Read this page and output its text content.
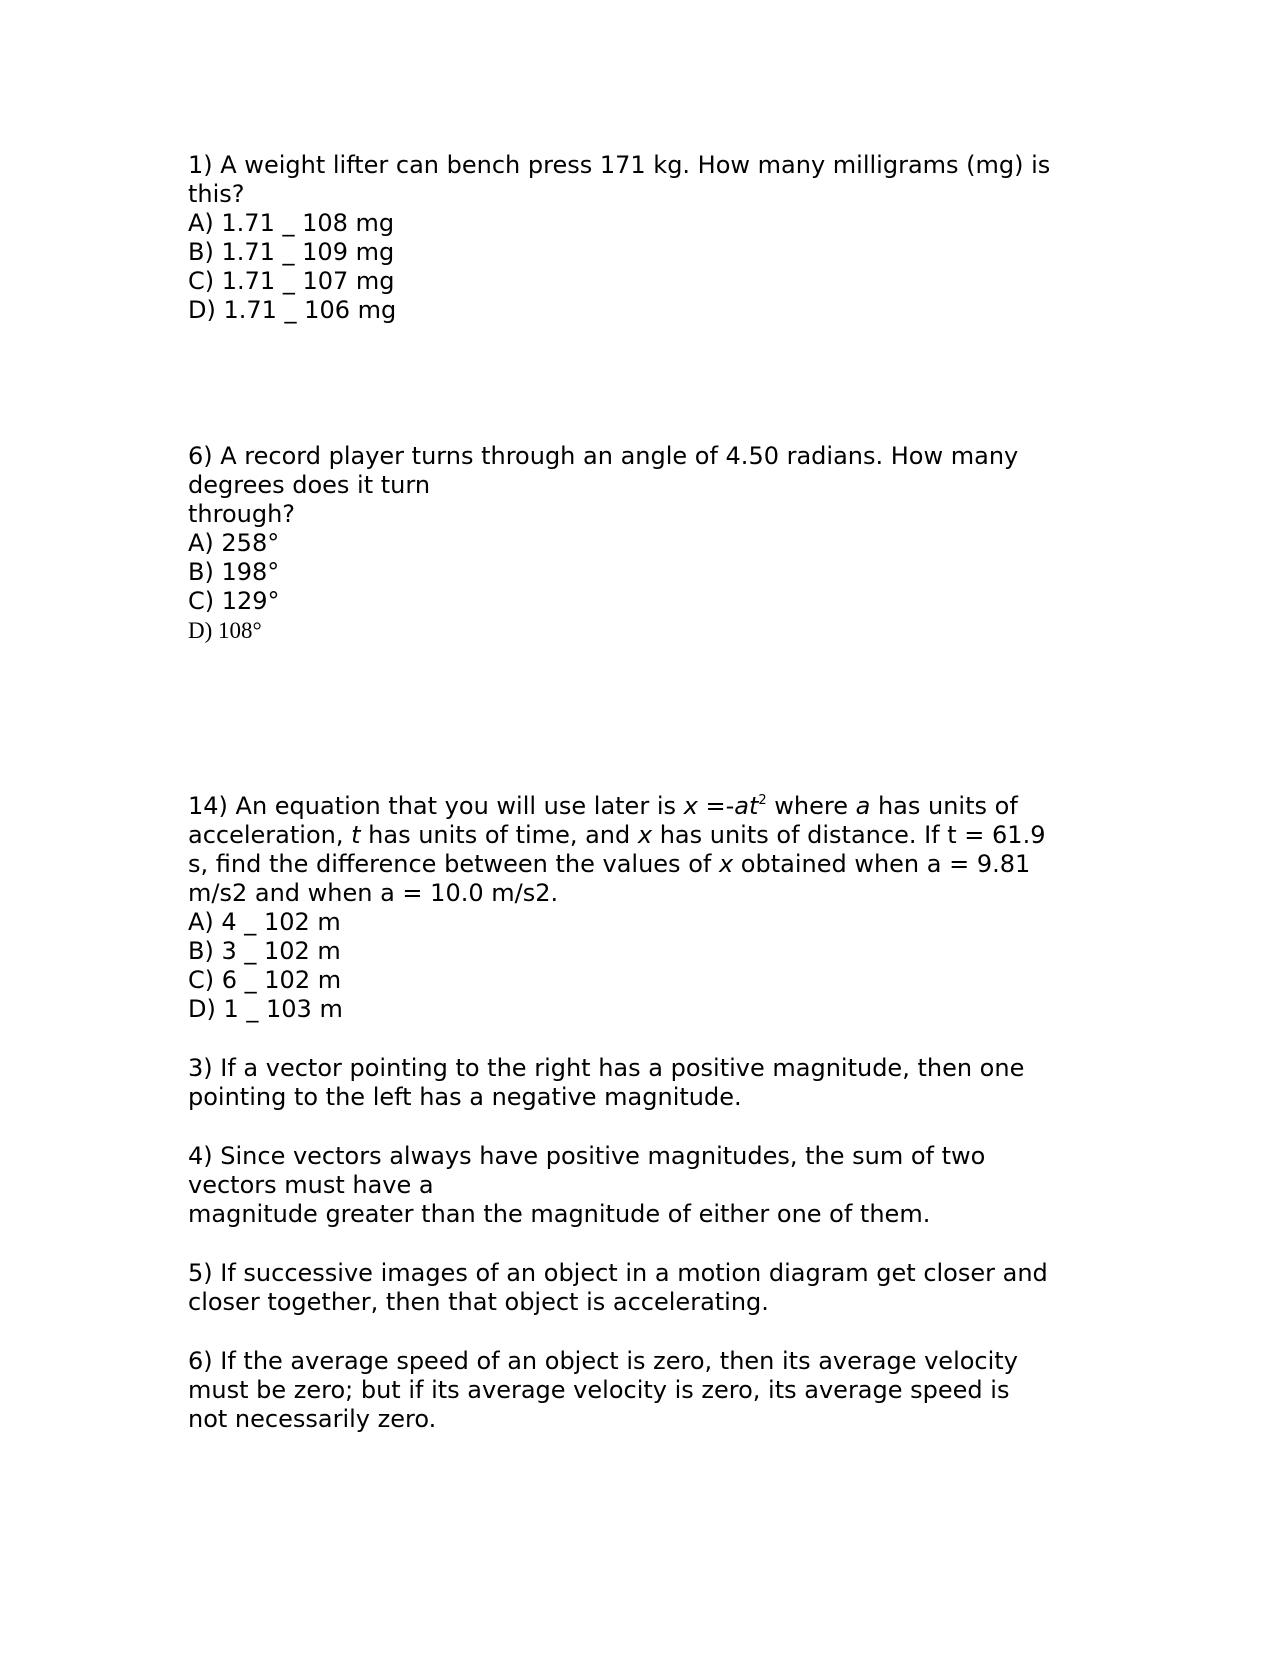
1) A weight lifter can bench press 171 kg. How many milligrams (mg) is
this?
A) 1.71 _ 108 mg
B) 1.71 _ 109 mg
C) 1.71 _ 107 mg
D) 1.71 _ 106 mg
6) A record player turns through an angle of 4.50 radians. How many
degrees does it turn
through?
A) 258°
B) 198°
C) 129°
D) 108°
14) An equation that you will use later is $x =-at^2$ where a has units of
acceleration, t has units of time, and x has units of distance. If t = 61.9
s, find the difference between the values of x obtained when a = 9.81
m/s2 and when a = 10.0 m/s2.
A) 4 _ 102 m
B) 3 _ 102 m
C) 6 _ 102 m
D) 1 _ 103 m
3) If a vector pointing to the right has a positive magnitude, then one
pointing to the left has a negative magnitude.
4) Since vectors always have positive magnitudes, the sum of two
vectors must have a
magnitude greater than the magnitude of either one of them.
5) If successive images of an object in a motion diagram get closer and
closer together, then that object is accelerating.
6) If the average speed of an object is zero, then its average velocity
must be zero; but if its average velocity is zero, its average speed is
not necessarily zero.
